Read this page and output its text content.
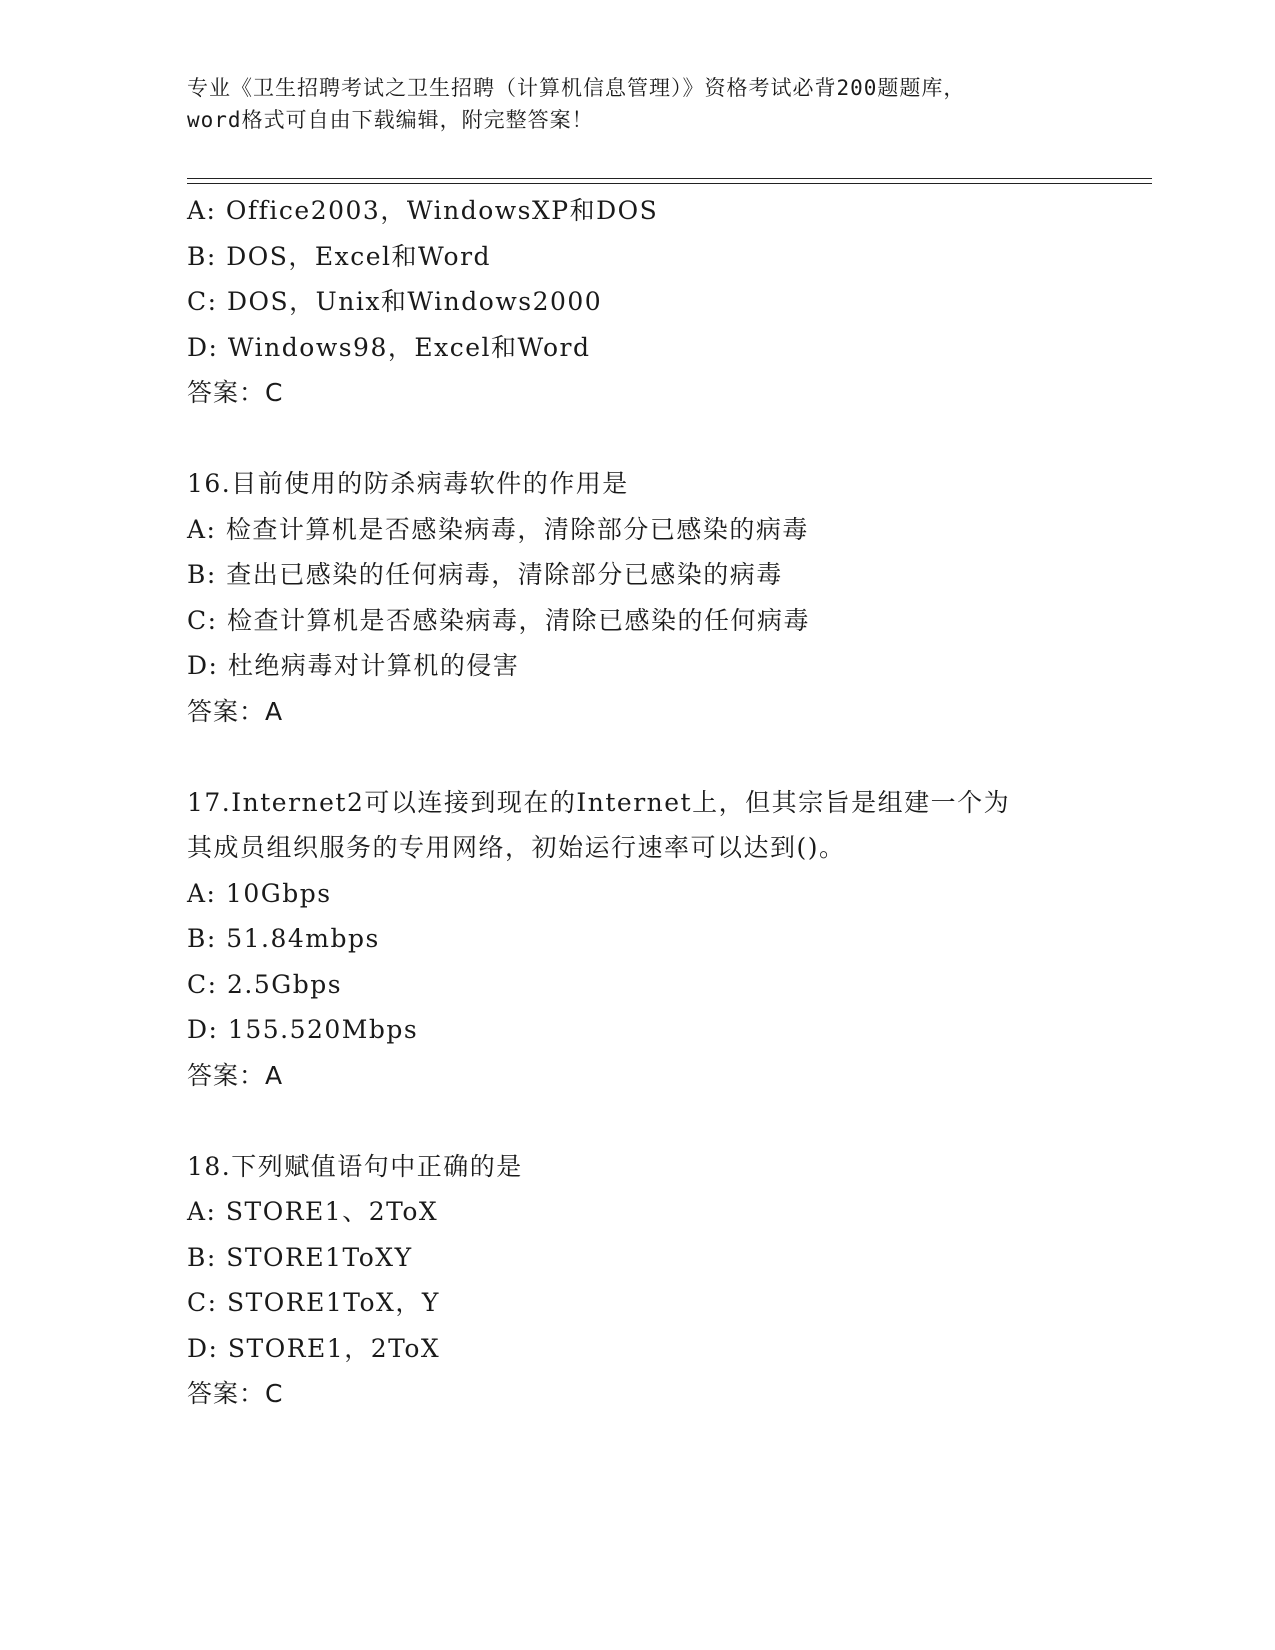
专业《卫生招聘考试之卫生招聘（计算机信息管理）》资格考试必背200题题库，

word格式可自由下载编辑，附完整答案！

A: Office2003，WindowsXP和DOS
B: DOS，Excel和Word
C: DOS，Unix和Windows2000
D: Windows98，Excel和Word
答案：C
16.目前使用的防杀病毒软件的作用是
A: 检查计算机是否感染病毒，清除部分已感染的病毒
B: 查出已感染的任何病毒，清除部分已感染的病毒
C: 检查计算机是否感染病毒，清除已感染的任何病毒
D: 杜绝病毒对计算机的侵害
答案：A
17.Internet2可以连接到现在的Internet上，但其宗旨是组建一个为
其成员组织服务的专用网络，初始运行速率可以达到()。
A: 10Gbps
B: 51.84mbps
C: 2.5Gbps
D: 155.520Mbps
答案：A
18.下列赋值语句中正确的是
A: STORE1、2ToX
B: STORE1ToXY
C: STORE1ToX，Y
D: STORE1，2ToX
答案：C
